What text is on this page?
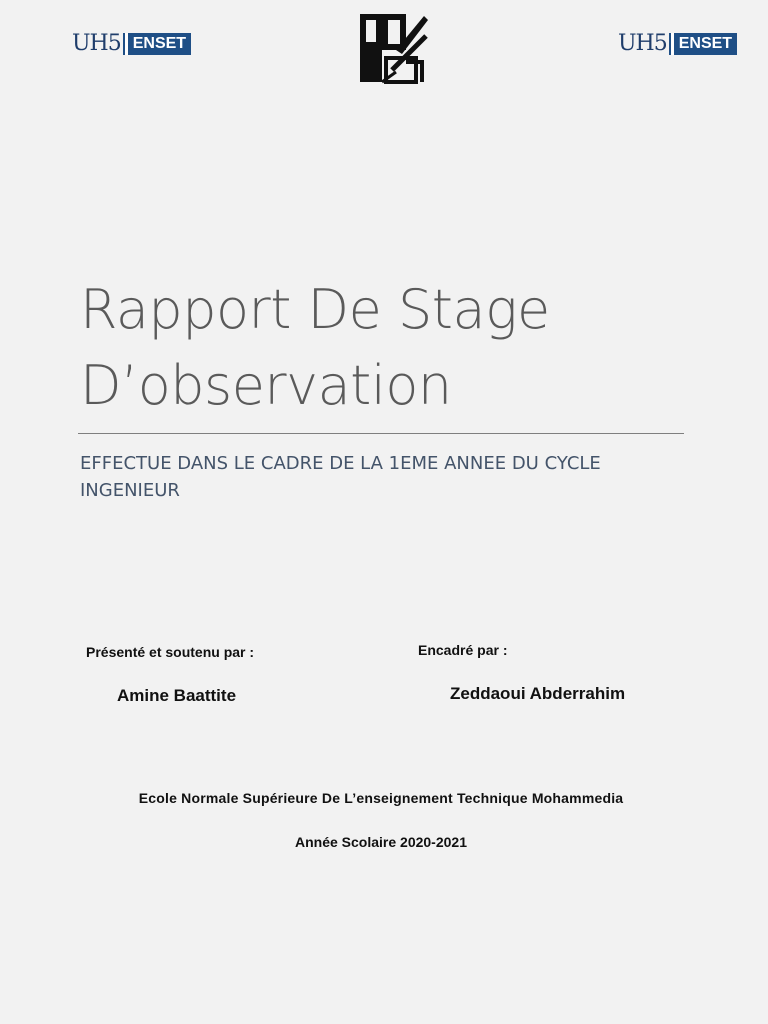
UH5 ENSET	UH5 ENSET
Rapport De Stage
D’observation

EFFECTUE DANS LE CADRE DE LA 1EME ANNEE DU CYCLE
INGENIEUR

Présenté et soutenu par :
Amine Baattite
Encadré par :
Zeddaoui Abderrahim
Ecole Normale Supérieure De L’enseignement Technique Mohammedia
Année Scolaire 2020-2021
